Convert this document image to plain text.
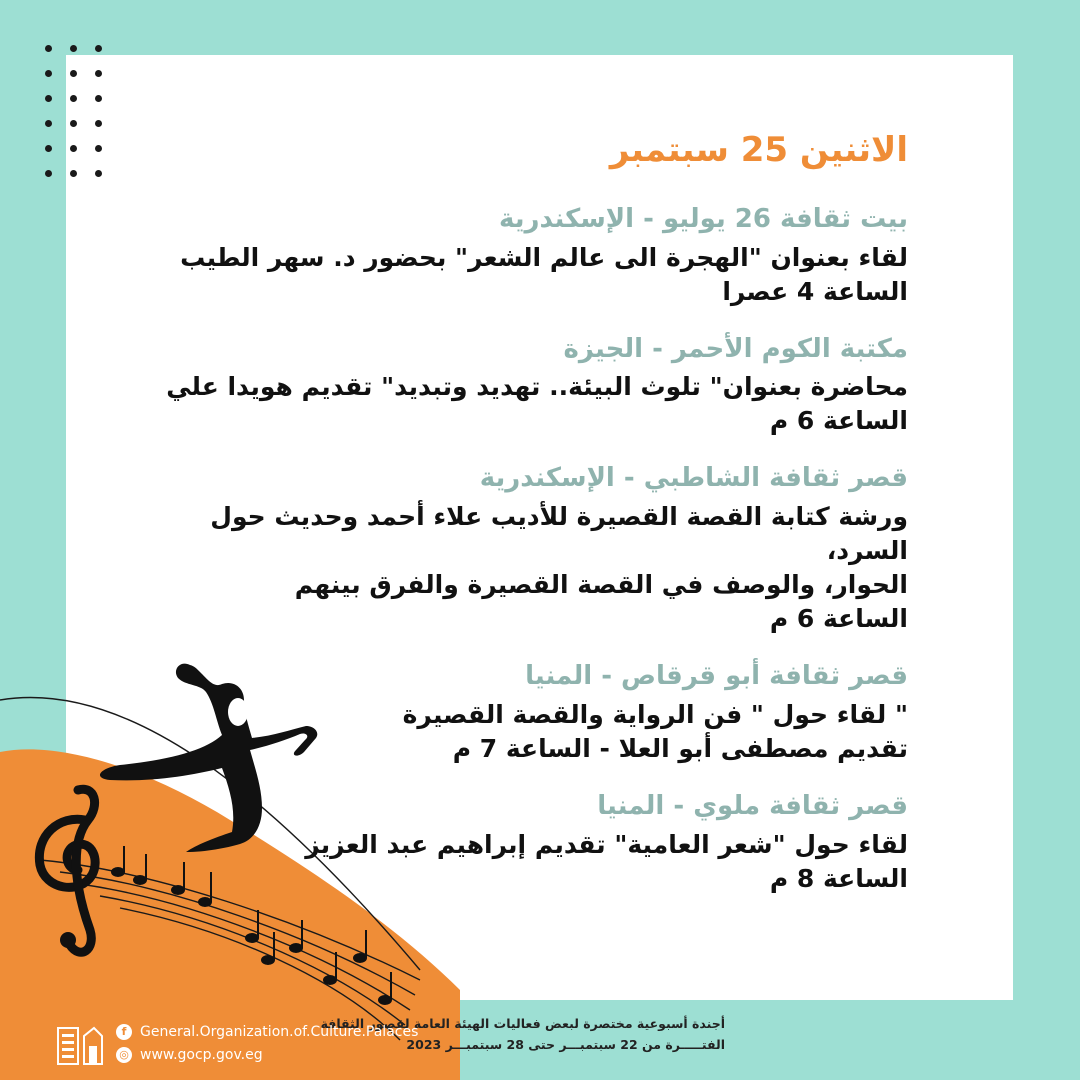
الاثنين 25 سبتمبر
بيت ثقافة 26 يوليو - الإسكندرية
لقاء بعنوان "الهجرة الى عالم الشعر" بحضور د. سهر الطيب
الساعة 4 عصرا
مكتبة الكوم الأحمر - الجيزة
محاضرة بعنوان" تلوث البيئة.. تهديد وتبديد" تقديم هويدا علي
الساعة 6 م
قصر ثقافة الشاطبي - الإسكندرية
ورشة كتابة القصة القصيرة للأديب علاء أحمد وحديث حول السرد،
الحوار، والوصف في القصة القصيرة والفرق بينهم
الساعة 6 م
قصر ثقافة أبو قرقاص - المنيا
" لقاء حول " فن الرواية والقصة القصيرة
تقديم مصطفى أبو العلا - الساعة 7 م
قصر ثقافة ملوي - المنيا
لقاء حول "شعر العامية" تقديم إبراهيم عبد العزيز
الساعة 8 م
أجندة أسبوعية مختصرة لبعض فعاليات الهيئة العامة لقصور الثقافة
الفتـــــرة من 22 سبتمبـــر حتى 28 سبتمبـــر 2023
f General.Organization.of.Culture.Palaces
◎ www.gocp.gov.eg
